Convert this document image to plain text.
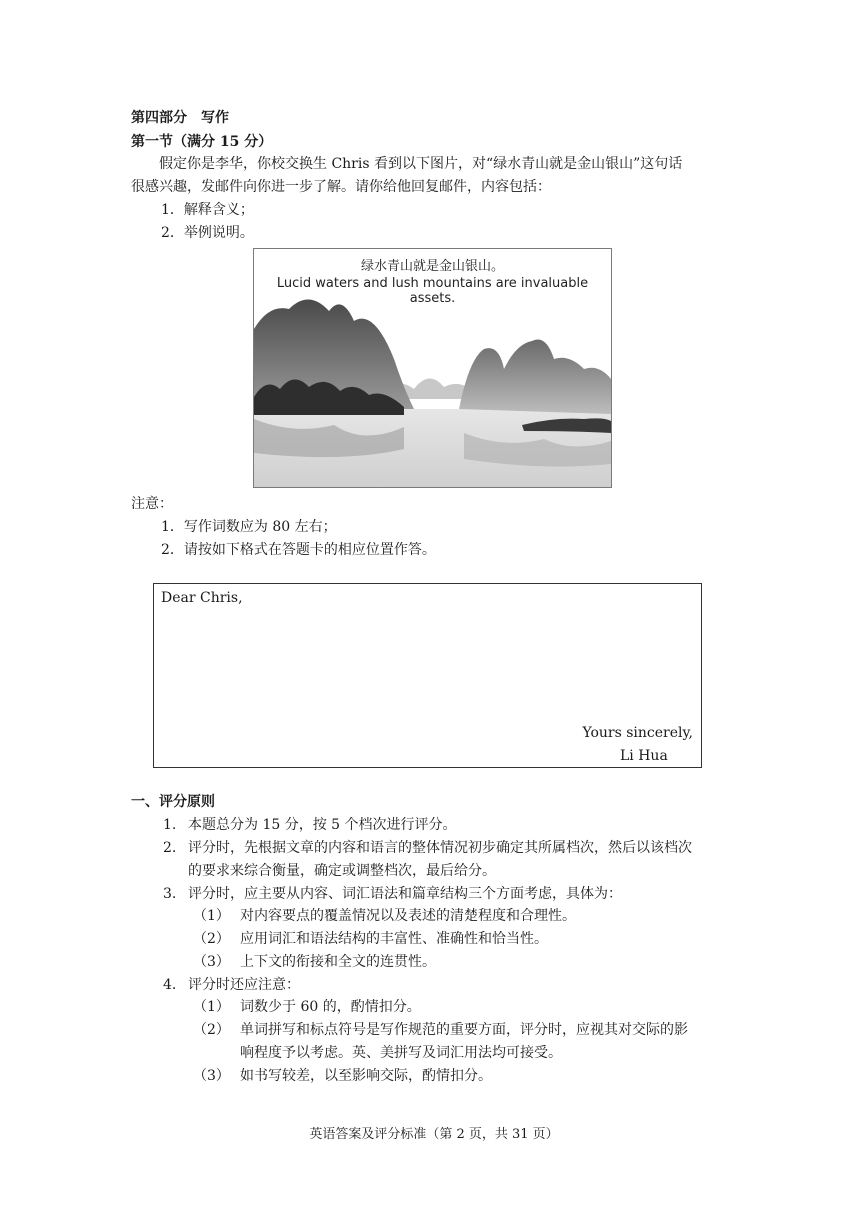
第四部分　写作
第一节（满分 15 分）
假定你是李华，你校交换生 Chris 看到以下图片，对“绿水青山就是金山银山”这句话
很感兴趣，发邮件向你进一步了解。请你给他回复邮件，内容包括：
1．解释含义；
2．举例说明。
绿水青山就是金山银山。
Lucid waters and lush mountains are invaluable assets.
注意：
1．写作词数应为 80 左右；
2．请按如下格式在答题卡的相应位置作答。
Dear Chris,
Yours sincerely,
Li Hua
一、评分原则
1. 本题总分为 15 分，按 5 个档次进行评分。
2. 评分时，先根据文章的内容和语言的整体情况初步确定其所属档次，然后以该档次
的要求来综合衡量，确定或调整档次，最后给分。
3. 评分时，应主要从内容、词汇语法和篇章结构三个方面考虑，具体为：
（1） 对内容要点的覆盖情况以及表述的清楚程度和合理性。
（2） 应用词汇和语法结构的丰富性、准确性和恰当性。
（3） 上下文的衔接和全文的连贯性。
4. 评分时还应注意：
（1） 词数少于 60 的，酌情扣分。
（2） 单词拼写和标点符号是写作规范的重要方面，评分时，应视其对交际的影
响程度予以考虑。英、美拼写及词汇用法均可接受。
（3） 如书写较差，以至影响交际，酌情扣分。
英语答案及评分标准（第 2 页，共 31 页）
